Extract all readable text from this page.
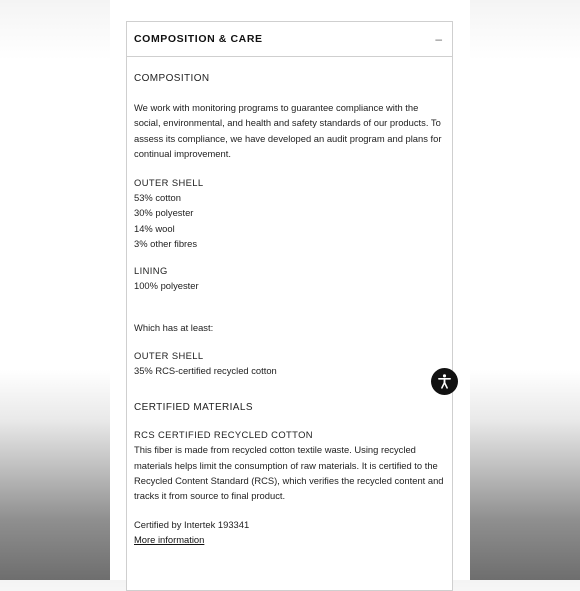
COMPOSITION & CARE	–

COMPOSITION

We work with monitoring programs to guarantee compliance with the social, environmental, and health and safety standards of our products. To assess its compliance, we have developed an audit program and plans for continual improvement.

OUTER SHELL

53% cotton

30% polyester

14% wool

3% other fibres

LINING

100% polyester

Which has at least:

OUTER SHELL

35% RCS-certified recycled cotton

CERTIFIED MATERIALS

RCS CERTIFIED RECYCLED COTTON

This fiber is made from recycled cotton textile waste. Using recycled materials helps limit the consumption of raw materials. It is certified to the Recycled Content Standard (RCS), which verifies the recycled content and tracks it from source to final product.

Certified by Intertek 193341

More information
